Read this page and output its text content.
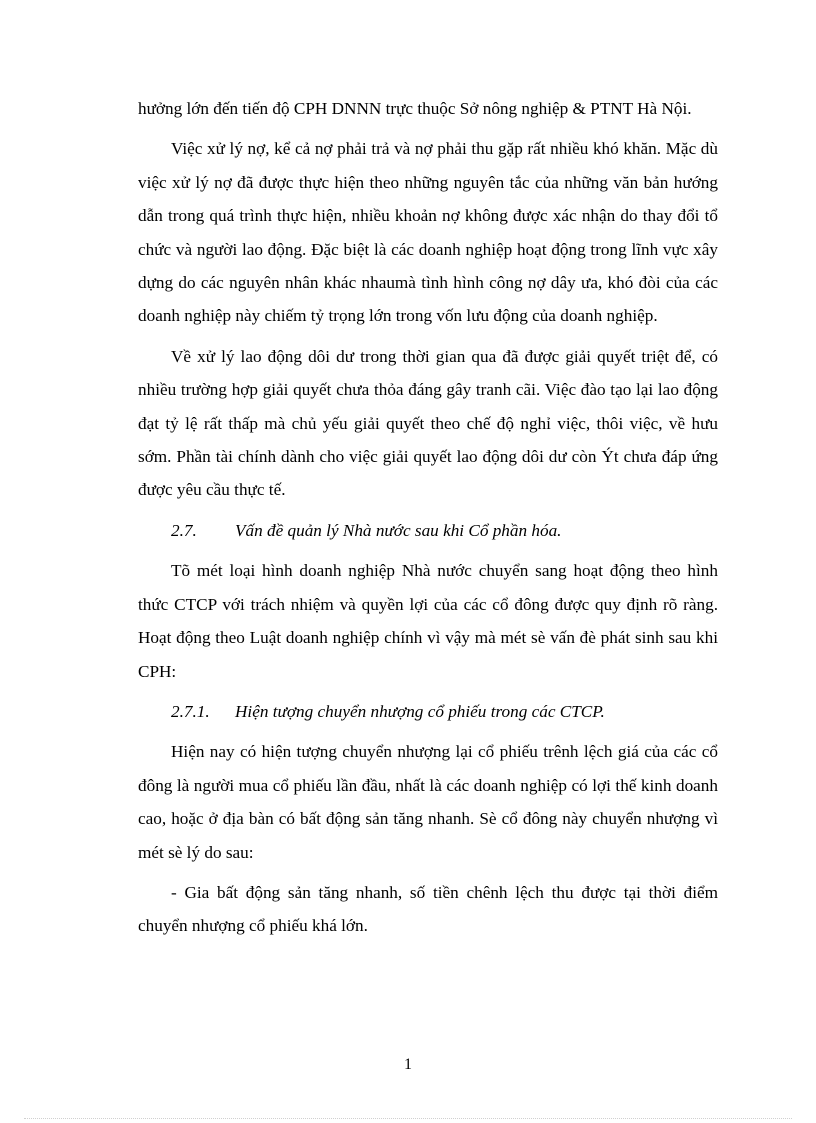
hưởng lớn đến tiến độ CPH DNNN trực thuộc Sở nông nghiệp & PTNT Hà Nội.

Việc xử lý nợ, kể cả nợ phải trả và nợ phải thu gặp rất nhiều khó khăn. Mặc dù việc xử lý nợ đã được thực hiện theo những nguyên tắc của những văn bản hướng dẫn trong quá trình thực hiện, nhiều khoản nợ không được xác nhận do thay đổi tổ chức và người lao động. Đặc biệt là các doanh nghiệp hoạt động trong lĩnh vực xây dựng do các nguyên nhân khác nhaumà tình hình công nợ dây ưa, khó đòi của các doanh nghiệp này chiếm tỷ trọng lớn trong vốn lưu động của doanh nghiệp.

Về xử lý lao động dôi dư trong thời gian qua đã được giải quyết triệt để, có nhiều trường hợp giải quyết chưa thỏa đáng gây tranh cãi. Việc đào tạo lại lao động đạt tỷ lệ rất thấp mà chủ yếu giải quyết theo chế độ nghỉ việc, thôi việc, về hưu sớm. Phần tài chính dành cho việc giải quyết lao động dôi dư còn Ýt chưa đáp ứng được yêu cầu thực tế.

2.7. Vấn đề quản lý Nhà nước sau khi Cổ phần hóa.

Tõ mét loại hình doanh nghiệp Nhà nước chuyển sang hoạt động theo hình thức CTCP với trách nhiệm và quyền lợi của các cổ đông được quy định rõ ràng. Hoạt động theo Luật doanh nghiệp chính vì vậy mà mét sè vấn đè phát sinh sau khi CPH:

2.7.1. Hiện tượng chuyển nhượng cổ phiếu trong các CTCP.

Hiện nay có hiện tượng chuyển nhượng lại cổ phiếu trênh lệch giá của các cổ đông là người mua cổ phiếu lần đầu, nhất là các doanh nghiệp có lợi thế kinh doanh cao, hoặc ở địa bàn có bất động sản tăng nhanh. Sè cổ đông này chuyển nhượng vì mét sè lý do sau:

- Gia bất động sản tăng nhanh, số tiền chênh lệch thu được tại thời điểm chuyển nhượng cổ phiếu khá lớn.

1
